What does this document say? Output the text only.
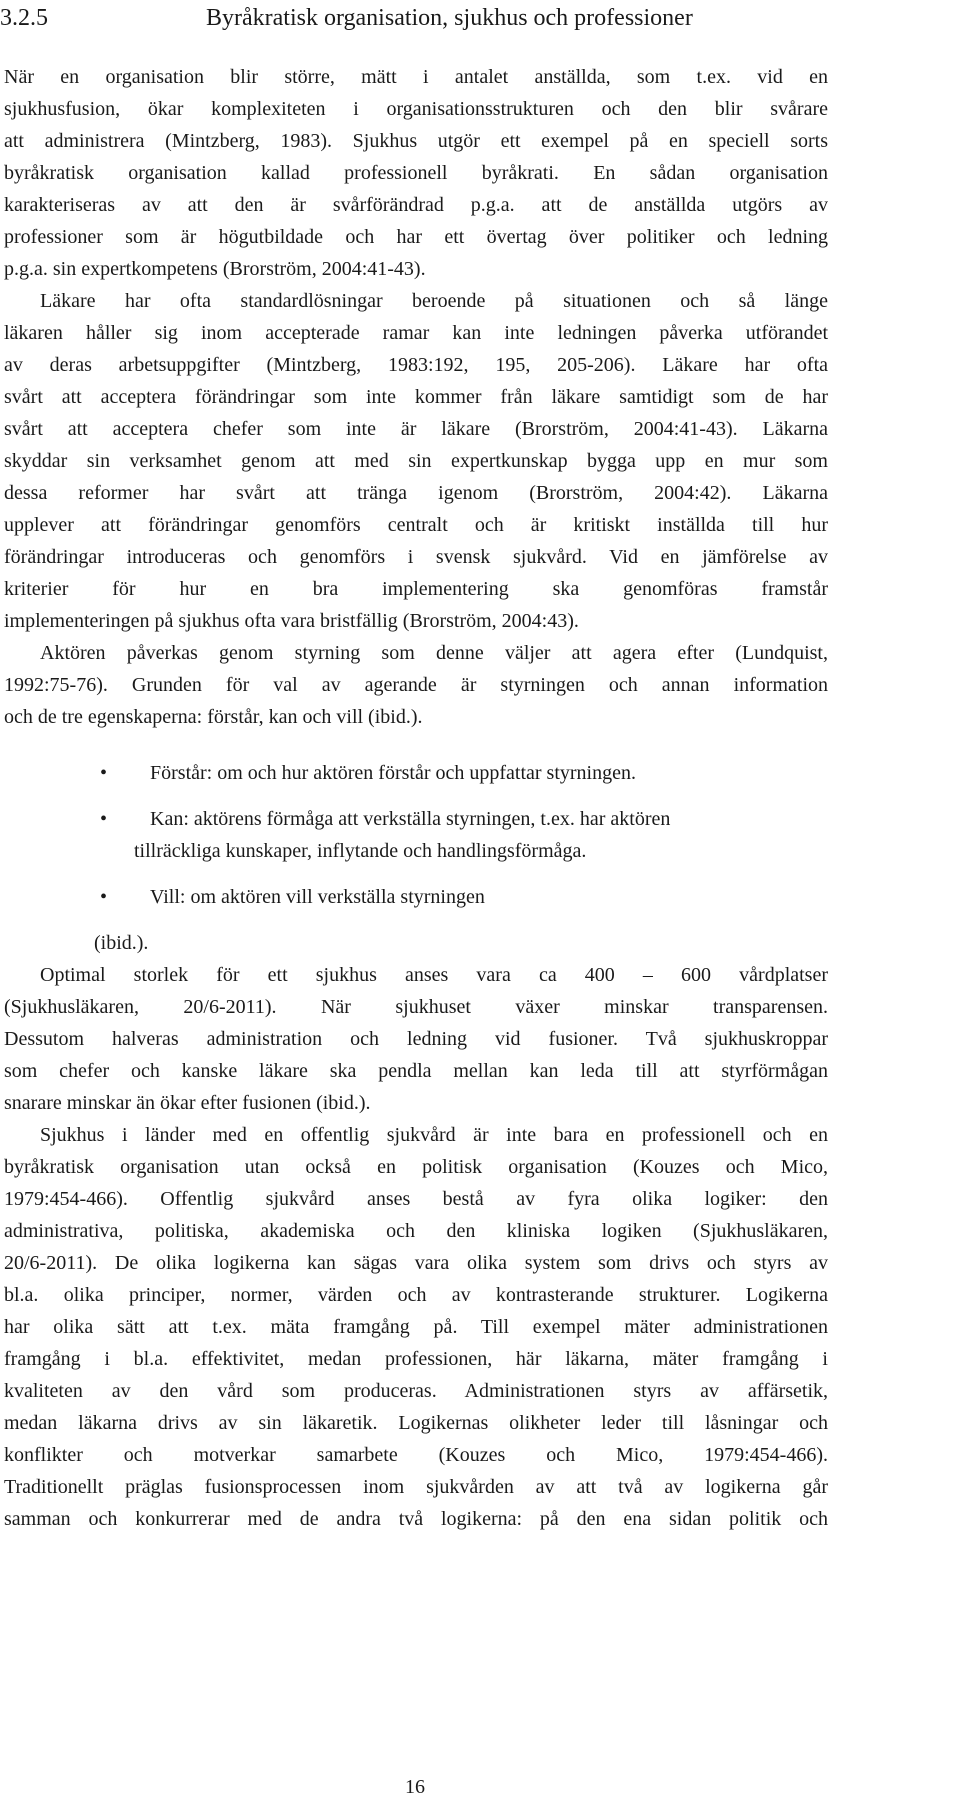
3.2.5	Byråkratisk organisation, sjukhus och professioner
När en organisation blir större, mätt i antalet anställda, som t.ex. vid en
sjukhusfusion, ökar komplexiteten i organisationsstrukturen och den blir svårare
att administrera (Mintzberg, 1983). Sjukhus utgör ett exempel på en speciell sorts
byråkratisk organisation kallad professionell byråkrati. En sådan organisation
karakteriseras av att den är svårförändrad p.g.a. att de anställda utgörs av
professioner som är högutbildade och har ett övertag över politiker och ledning
p.g.a. sin expertkompetens (Brorström, 2004:41-43).
Läkare har ofta standardlösningar beroende på situationen och så länge
läkaren håller sig inom accepterade ramar kan inte ledningen påverka utförandet
av deras arbetsuppgifter (Mintzberg, 1983:192, 195, 205-206). Läkare har ofta
svårt att acceptera förändringar som inte kommer från läkare samtidigt som de har
svårt att acceptera chefer som inte är läkare (Brorström, 2004:41-43). Läkarna
skyddar sin verksamhet genom att med sin expertkunskap bygga upp en mur som
dessa reformer har svårt att tränga igenom (Brorström, 2004:42). Läkarna
upplever att förändringar genomförs centralt och är kritiskt inställda till hur
förändringar introduceras och genomförs i svensk sjukvård. Vid en jämförelse av
kriterier för hur en bra implementering ska genomföras framstår
implementeringen på sjukhus ofta vara bristfällig (Brorström, 2004:43).
Aktören påverkas genom styrning som denne väljer att agera efter (Lundquist,
1992:75-76). Grunden för val av agerande är styrningen och annan information
och de tre egenskaperna: förstår, kan och vill (ibid.).
• Förstår: om och hur aktören förstår och uppfattar styrningen.
• Kan: aktörens förmåga att verkställa styrningen, t.ex. har aktören
tillräckliga kunskaper, inflytande och handlingsförmåga.
• Vill: om aktören vill verkställa styrningen
(ibid.).
Optimal storlek för ett sjukhus anses vara ca 400 – 600 vårdplatser
(Sjukhusläkaren, 20/6-2011). När sjukhuset växer minskar transparensen.
Dessutom halveras administration och ledning vid fusioner. Två sjukhuskroppar
som chefer och kanske läkare ska pendla mellan kan leda till att styrförmågan
snarare minskar än ökar efter fusionen (ibid.).
Sjukhus i länder med en offentlig sjukvård är inte bara en professionell och en
byråkratisk organisation utan också en politisk organisation (Kouzes och Mico,
1979:454-466). Offentlig sjukvård anses bestå av fyra olika logiker: den
administrativa, politiska, akademiska och den kliniska logiken (Sjukhusläkaren,
20/6-2011). De olika logikerna kan sägas vara olika system som drivs och styrs av
bl.a. olika principer, normer, värden och av kontrasterande strukturer. Logikerna
har olika sätt att t.ex. mäta framgång på. Till exempel mäter administrationen
framgång i bl.a. effektivitet, medan professionen, här läkarna, mäter framgång i
kvaliteten av den vård som produceras. Administrationen styrs av affärsetik,
medan läkarna drivs av sin läkaretik. Logikernas olikheter leder till låsningar och
konflikter och motverkar samarbete (Kouzes och Mico, 1979:454-466).
Traditionellt präglas fusionsprocessen inom sjukvården av att två av logikerna går
samman och konkurrerar med de andra två logikerna: på den ena sidan politik och
16
